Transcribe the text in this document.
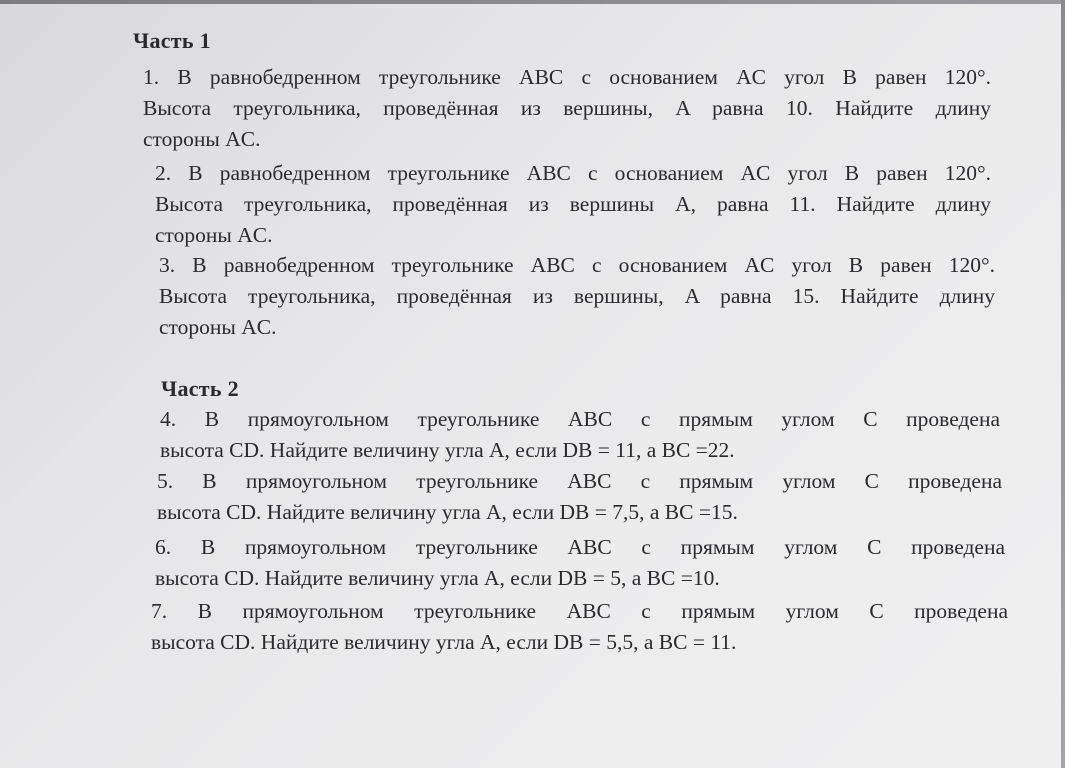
Часть 1
1. В равнобедренном треугольнике ABC с основанием AC угол B равен 120°.
Высота треугольника, проведённая из вершины, A равна 10. Найдите длину
стороны AC.
2. В равнобедренном треугольнике ABC с основанием AC угол B равен 120°.
Высота треугольника, проведённая из вершины A, равна 11. Найдите длину
стороны AC.
3. В равнобедренном треугольнике ABC с основанием AC угол B равен 120°.
Высота треугольника, проведённая из вершины, A равна 15. Найдите длину
стороны AC.
Часть 2
4. В прямоугольном треугольнике ABC с прямым углом C проведена
высота CD. Найдите величину угла A, если DB = 11, а BC =22.
5. В прямоугольном треугольнике ABC с прямым углом C проведена
высота CD. Найдите величину угла A, если DB = 7,5, а BC =15.
6. В прямоугольном треугольнике ABC с прямым углом C проведена
высота CD. Найдите величину угла A, если DB = 5, а BC =10.
7. В прямоугольном треугольнике ABC с прямым углом C проведена
высота CD. Найдите величину угла A, если DB = 5,5, а BC = 11.
